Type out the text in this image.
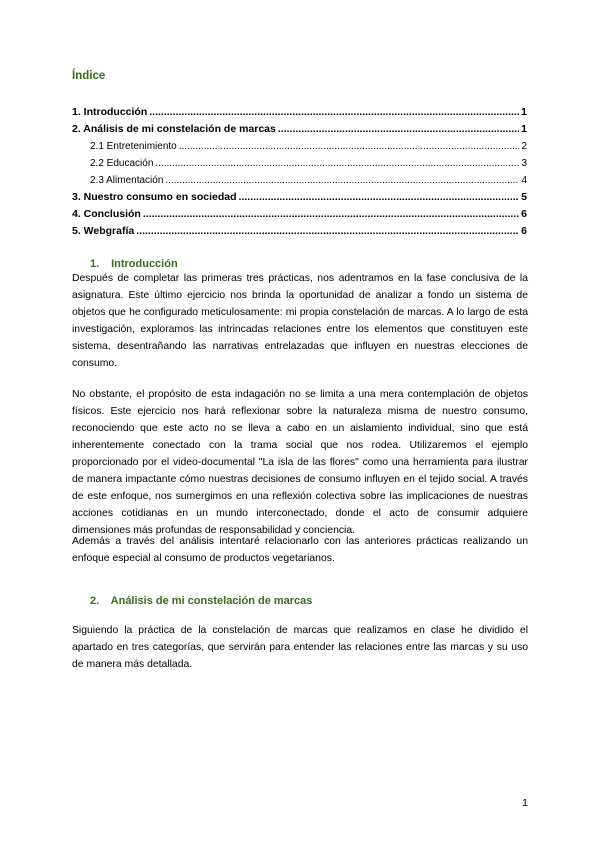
Índice
1. Introducción .....	1
2. Análisis de mi constelación de marcas .....	1
2.1 Entretenimiento .....	2
2.2 Educación .....	3
2.3 Alimentación .....	4
3. Nuestro consumo en sociedad .....	5
4. Conclusión .....	6
5. Webgrafía .....	6
1. Introducción

Después de completar las primeras tres prácticas, nos adentramos en la fase conclusiva de la asignatura. Este último ejercicio nos brinda la oportunidad de analizar a fondo un sistema de objetos que he configurado meticulosamente: mi propia constelación de marcas. A lo largo de esta investigación, exploramos las intrincadas relaciones entre los elementos que constituyen este sistema, desentrañando las narrativas entrelazadas que influyen en nuestras elecciones de consumo.

No obstante, el propósito de esta indagación no se limita a una mera contemplación de objetos físicos. Este ejercicio nos hará reflexionar sobre la naturaleza misma de nuestro consumo, reconociendo que este acto no se lleva a cabo en un aislamiento individual, sino que está inherentemente conectado con la trama social que nos rodea. Utilizaremos el ejemplo proporcionado por el video-documental "La isla de las flores" como una herramienta para ilustrar de manera impactante cómo nuestras decisiones de consumo influyen en el tejido social. A través de este enfoque, nos sumergimos en una reflexión colectiva sobre las implicaciones de nuestras acciones cotidianas en un mundo interconectado, donde el acto de consumir adquiere dimensiones más profundas de responsabilidad y conciencia.

Además a través del análisis intentaré relacionarlo con las anteriores prácticas realizando un enfoque especial al consumo de productos vegetarianos.

2. Análisis de mi constelación de marcas

Siguiendo la práctica de la constelación de marcas que realizamos en clase he dividido el apartado en tres categorías, que servirán para entender las relaciones entre las marcas y su uso de manera más detallada.

1
